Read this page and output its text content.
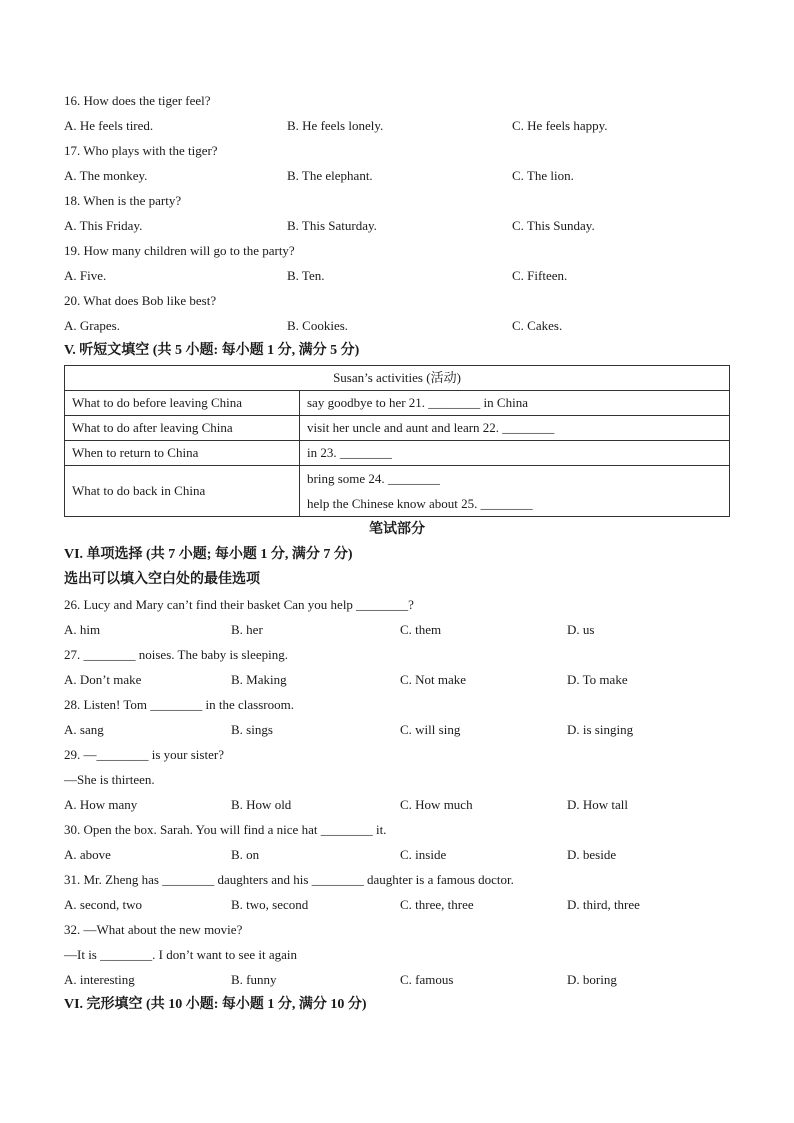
16. How does the tiger feel?
A. He feels tired.	B. He feels lonely.	C. He feels happy.
17. Who plays with the tiger?
A. The monkey.	B. The elephant.	C. The lion.
18. When is the party?
A. This Friday.	B. This Saturday.	C. This Sunday.
19. How many children will go to the party?
A. Five.	B. Ten.	C. Fifteen.
20. What does Bob like best?
A. Grapes.	B. Cookies.	C. Cakes.
V. 听短文填空 (共 5 小题: 每小题 1 分, 满分 5 分)
Susan’s activities (活动)	
What to do before leaving China	say goodbye to her 21. ________ in China
What to do after leaving China	visit her uncle and aunt and learn 22. ________
When to return to China	in 23. ________
What to do back in China	bring some 24. ________
help the Chinese know about 25. ________
笔试部分
VI. 单项选择 (共 7 小题; 每小题 1 分, 满分 7 分)
选出可以填入空白处的最佳选项
26. Lucy and Mary can’t find their basket Can you help ________?
A. him	B. her	C. them	D. us
27. ________ noises. The baby is sleeping.
A. Don’t make	B. Making	C. Not make	D. To make
28. Listen! Tom ________ in the classroom.
A. sang	B. sings	C. will sing	D. is singing
29. —________ is your sister?
—She is thirteen.
A. How many	B. How old	C. How much	D. How tall
30. Open the box. Sarah. You will find a nice hat ________ it.
A. above	B. on	C. inside	D. beside
31. Mr. Zheng has ________ daughters and his ________ daughter is a famous doctor.
A. second, two	B. two, second	C. three, three	D. third, three
32. —What about the new movie?
—It is ________. I don’t want to see it again
A. interesting	B. funny	C. famous	D. boring
VI. 完形填空 (共 10 小题: 每小题 1 分, 满分 10 分)
